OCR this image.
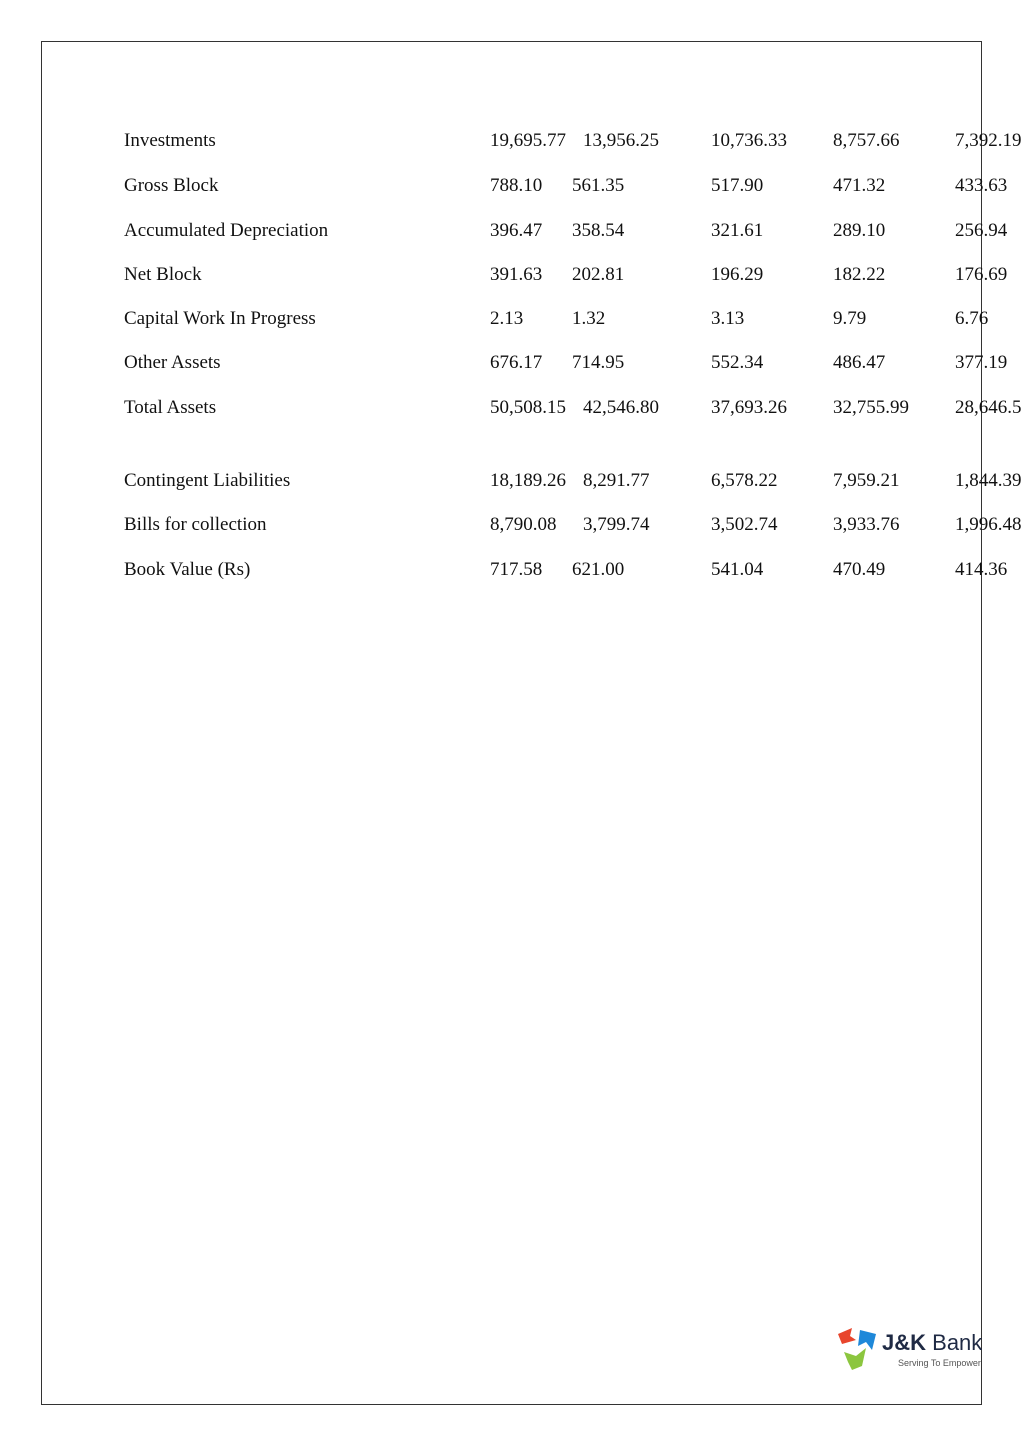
Investments	19,695.77 13,956.25	10,736.33 8,757.66	7,392.19
Gross Block	788.10 561.35	517.90	471.32	433.63
Accumulated Depreciation	396.47 358.54	321.61	289.10	256.94
Net Block	391.63 202.81	196.29	182.22	176.69
Capital Work In Progress	2.13	1.32	3.13	9.79	6.76
Other Assets	676.17 714.95	552.34	486.47	377.19
Total Assets	50,508.15 42,546.80	37,693.26 32,755.99 28,646.5
Contingent Liabilities	18,189.26 8,291.77	6,578.22	7,959.21	1,844.39
Bills for collection	8,790.08 3,799.74	3,502.74	3,933.76	1,996.48
Book Value (Rs)	717.58 621.00	541.04	470.49	414.36
J&K Bank
Serving To Empower
